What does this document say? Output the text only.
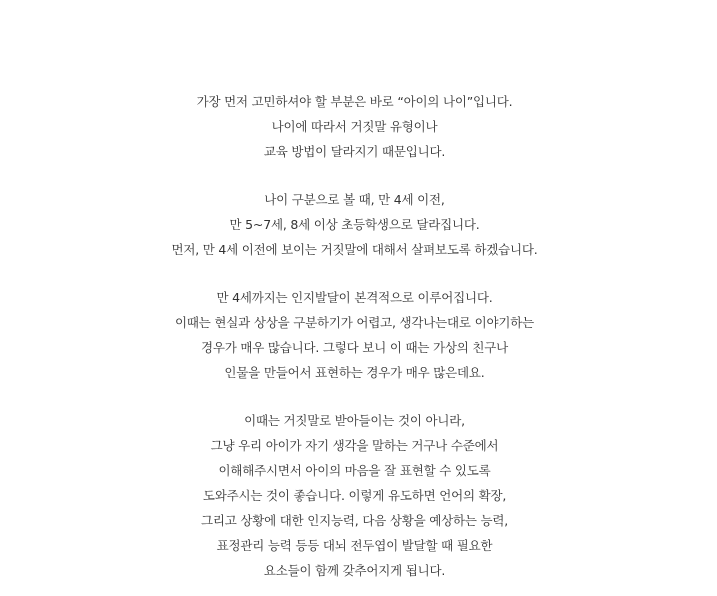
가장 먼저 고민하셔야 할 부분은 바로 “아이의 나이”입니다.
나이에 따라서 거짓말 유형이나
교육 방법이 달라지기 때문입니다.

나이 구분으로 볼 때, 만 4세 이전,
만 5~7세, 8세 이상 초등학생으로 달라집니다.
먼저, 만 4세 이전에 보이는 거짓말에 대해서 살펴보도록 하겠습니다.

만 4세까지는 인지발달이 본격적으로 이루어집니다.
이때는 현실과 상상을 구분하기가 어렵고, 생각나는대로 이야기하는
경우가 매우 많습니다. 그렇다 보니 이 때는 가상의 친구나
인물을 만들어서 표현하는 경우가 매우 많은데요.

이때는 거짓말로 받아들이는 것이 아니라,
그냥 우리 아이가 자기 생각을 말하는 거구나 수준에서
이해해주시면서 아이의 마음을 잘 표현할 수 있도록
도와주시는 것이 좋습니다. 이렇게 유도하면 언어의 확장,
그리고 상황에 대한 인지능력, 다음 상황을 예상하는 능력,
표정관리 능력 등등 대뇌 전두엽이 발달할 때 필요한
요소들이 함께 갖추어지게 됩니다.
